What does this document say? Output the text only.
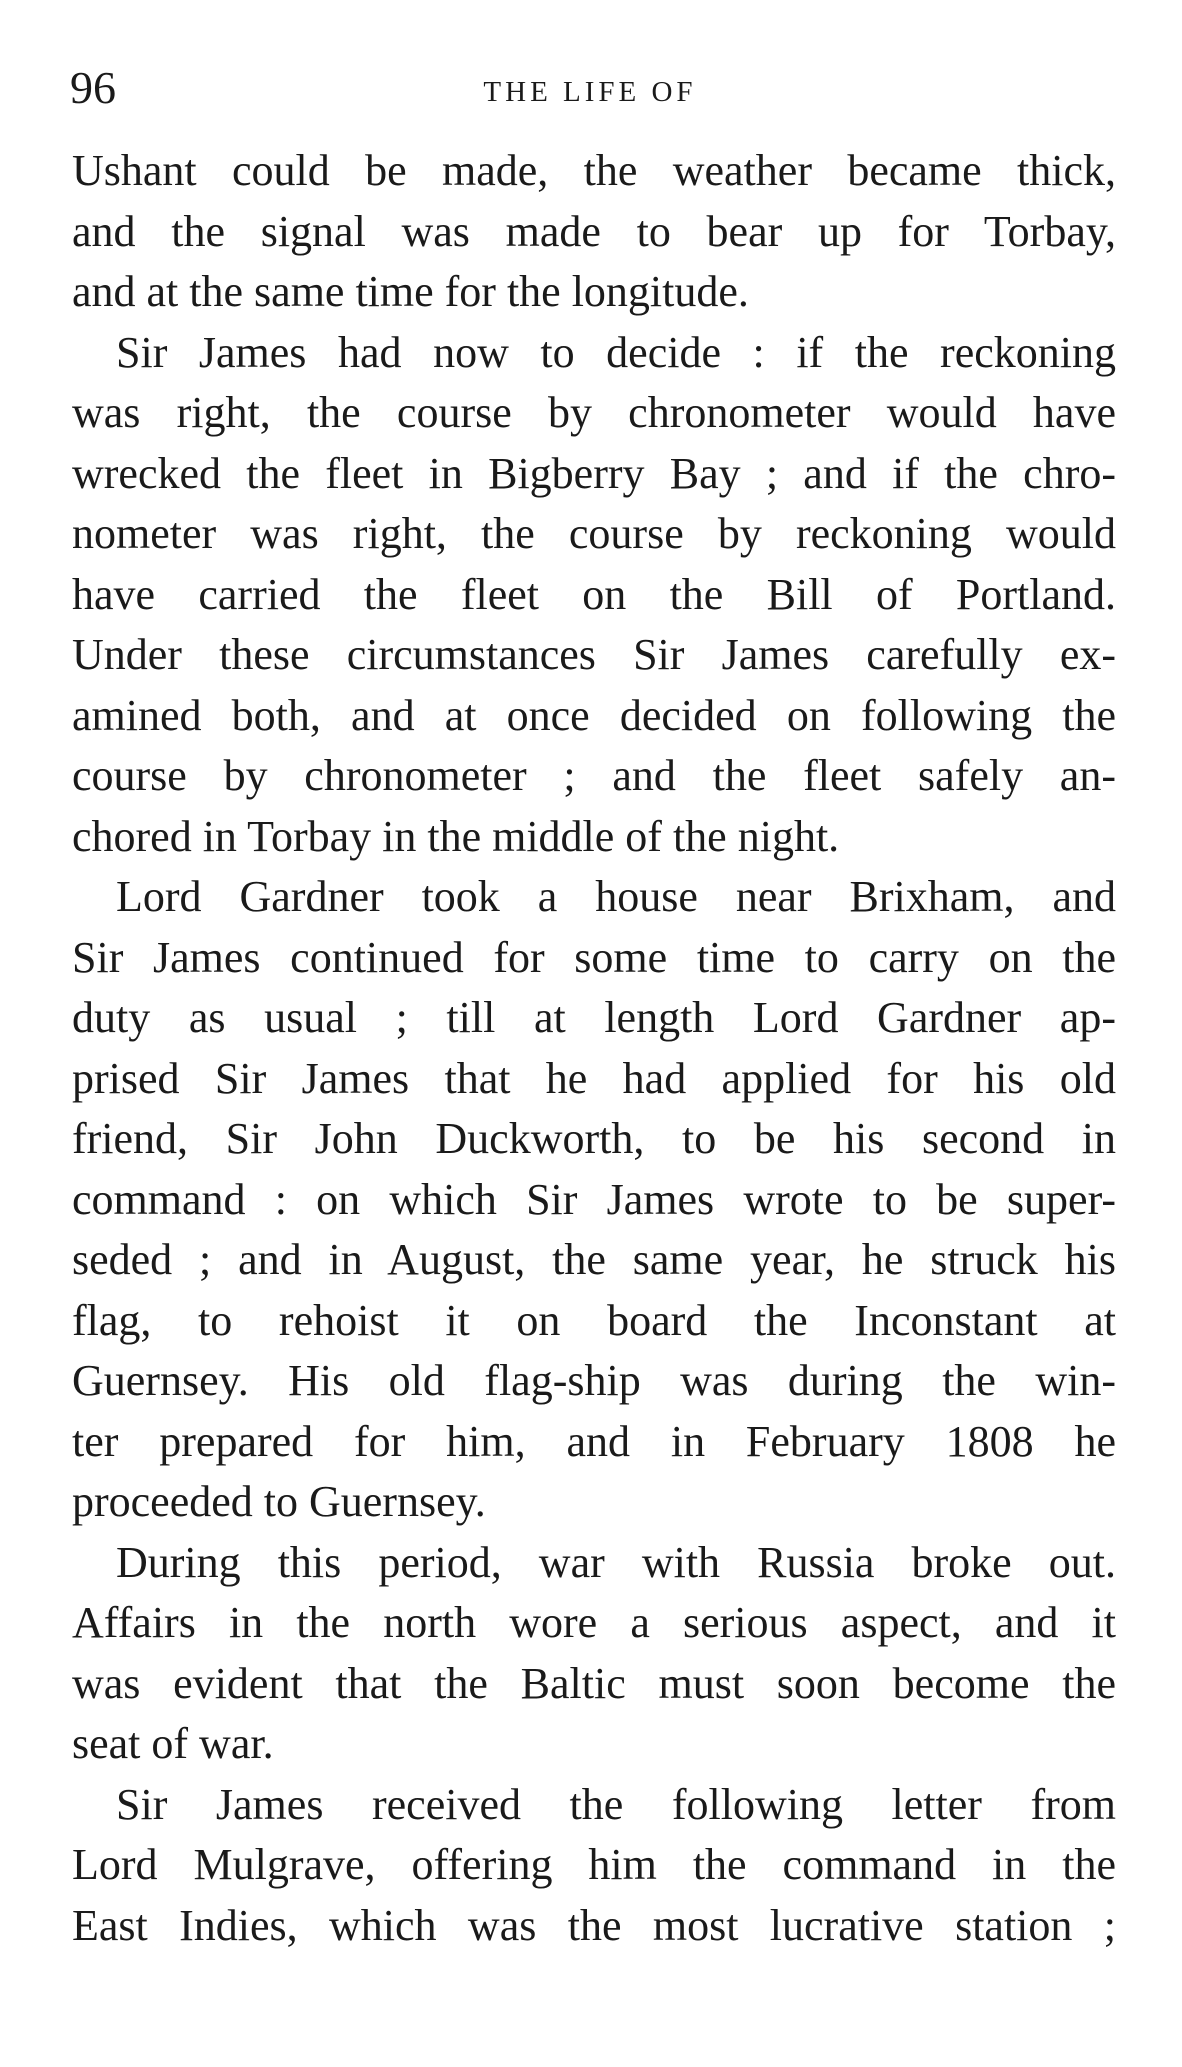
96	THE LIFE OF
Ushant could be made, the weather became thick,
and the signal was made to bear up for Torbay,
and at the same time for the longitude.
Sir James had now to decide : if the reckoning
was right, the course by chronometer would have
wrecked the fleet in Bigberry Bay ; and if the chro-
nometer was right, the course by reckoning would
have carried the fleet on the Bill of Portland.
Under these circumstances Sir James carefully ex-
amined both, and at once decided on following the
course by chronometer ; and the fleet safely an-
chored in Torbay in the middle of the night.
Lord Gardner took a house near Brixham, and
Sir James continued for some time to carry on the
duty as usual ; till at length Lord Gardner ap-
prised Sir James that he had applied for his old
friend, Sir John Duckworth, to be his second in
command : on which Sir James wrote to be super-
seded ; and in August, the same year, he struck his
flag, to rehoist it on board the Inconstant at
Guernsey. His old flag-ship was during the win-
ter prepared for him, and in February 1808 he
proceeded to Guernsey.
During this period, war with Russia broke out.
Affairs in the north wore a serious aspect, and it
was evident that the Baltic must soon become the
seat of war.
Sir James received the following letter from
Lord Mulgrave, offering him the command in the
East Indies, which was the most lucrative station ;
